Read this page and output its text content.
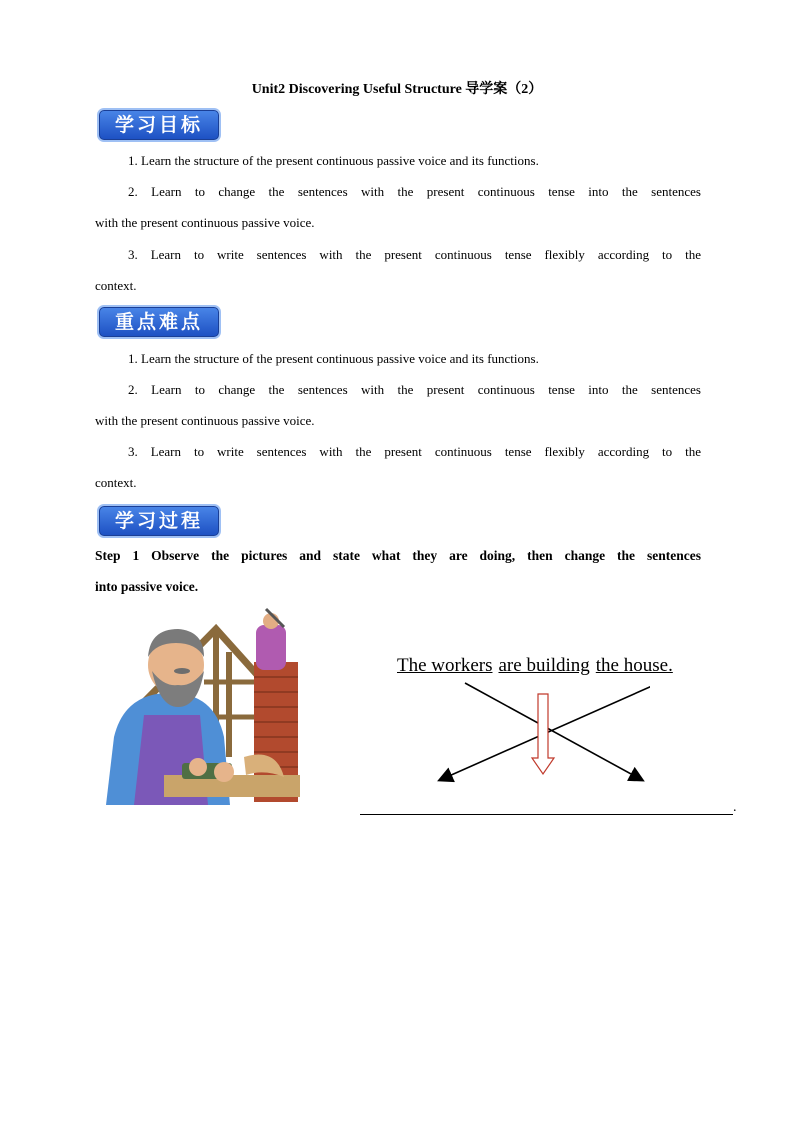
Unit2 Discovering Useful Structure 导学案（2）
学习目标
1. Learn the structure of the present continuous passive voice and its functions.
2. Learn to change the sentences with the present continuous tense into the sentences
with the present continuous passive voice.
3. Learn to write sentences with the present continuous tense flexibly according to the
context.
重点难点
1. Learn the structure of the present continuous passive voice and its functions.
2. Learn to change the sentences with the present continuous tense into the sentences
with the present continuous passive voice.
3. Learn to write sentences with the present continuous tense flexibly according to the
context.
学习过程
Step 1 Observe the pictures and state what they are doing, then change the sentences
into passive voice.
The workers are building the house.
.
